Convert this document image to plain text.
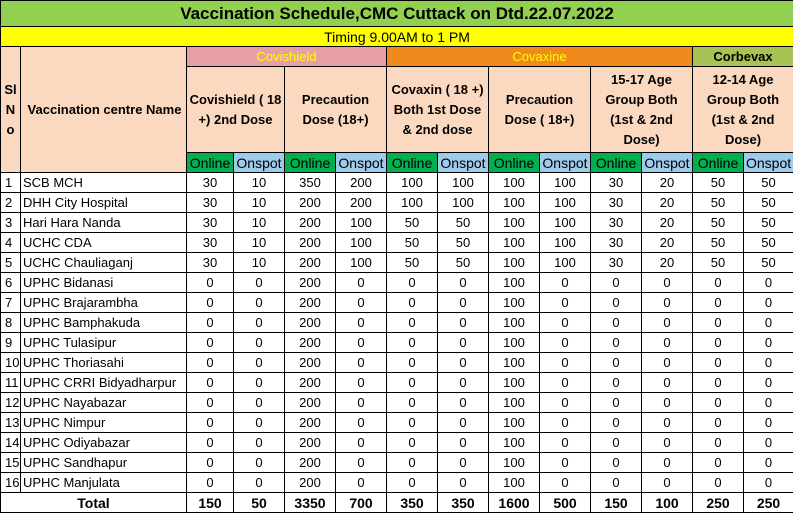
Vaccination Schedule,CMC Cuttack on Dtd.22.07.2022													
Timing 9.00AM to 1 PM													
Sl N o	Vaccination centre Name	Covishield				Covaxine						Corbevax	
		Covishield ( 18 +) 2nd Dose		Precaution Dose (18+)		Covaxin ( 18 +) Both 1st Dose & 2nd dose		Precaution Dose ( 18+)		15-17 Age Group Both (1st & 2nd Dose)		12-14 Age Group Both (1st & 2nd Dose)	
		Online	Onspot	Online	Onspot	Online	Onspot	Online	Onspot	Online	Onspot	Online	Onspot
1	SCB MCH	30	10	350	200	100	100	100	100	30	20	50	50
2	DHH City Hospital	30	10	200	200	100	100	100	100	30	20	50	50
3	Hari Hara Nanda	30	10	200	100	50	50	100	100	30	20	50	50
4	UCHC CDA	30	10	200	100	50	50	100	100	30	20	50	50
5	UCHC Chauliaganj	30	10	200	100	50	50	100	100	30	20	50	50
6	UPHC Bidanasi	0	0	200	0	0	0	100	0	0	0	0	0
7	UPHC Brajarambha	0	0	200	0	0	0	100	0	0	0	0	0
8	UPHC Bamphakuda	0	0	200	0	0	0	100	0	0	0	0	0
9	UPHC Tulasipur	0	0	200	0	0	0	100	0	0	0	0	0
10	UPHC Thoriasahi	0	0	200	0	0	0	100	0	0	0	0	0
11	UPHC CRRI Bidyadharpur	0	0	200	0	0	0	100	0	0	0	0	0
12	UPHC Nayabazar	0	0	200	0	0	0	100	0	0	0	0	0
13	UPHC Nimpur	0	0	200	0	0	0	100	0	0	0	0	0
14	UPHC Odiyabazar	0	0	200	0	0	0	100	0	0	0	0	0
15	UPHC Sandhapur	0	0	200	0	0	0	100	0	0	0	0	0
16	UPHC Manjulata	0	0	200	0	0	0	100	0	0	0	0	0
Total		150	50	3350	700	350	350	1600	500	150	100	250	250
